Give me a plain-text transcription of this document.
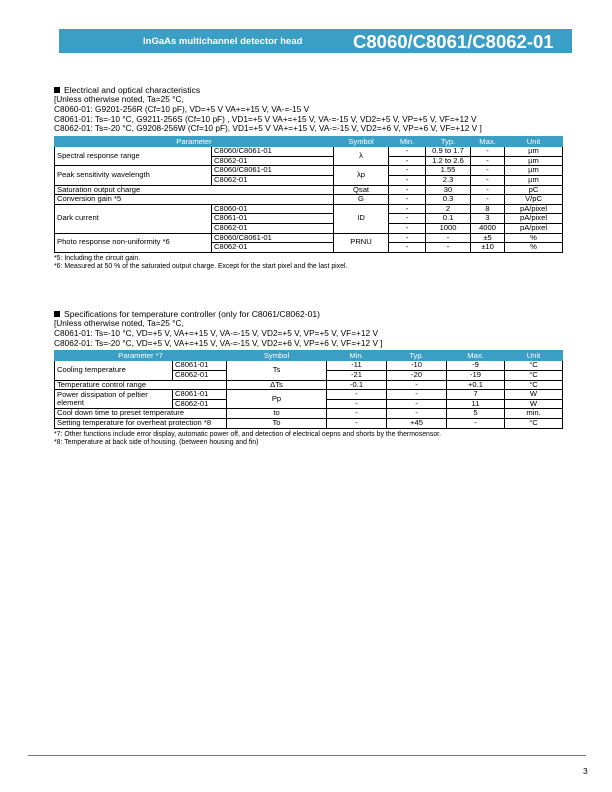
InGaAs multichannel detector head	C8060/C8061/C8062-01
Electrical and optical characteristics
[Unless otherwise noted, Ta=25 °C,
C8060-01: G9201-256R (Cf=10 pF), VD=+5 V VA+=+15 V, VA-=-15 V
C8061-01: Ts=-10 °C, G9211-256S (Cf=10 pF) , VD1=+5 V VA+=+15 V, VA-=-15 V, VD2=+5 V, VP=+5 V, VF=+12 V
C8062-01: Ts=-20 °C, G9208-256W (Cf=10 pF), VD1=+5 V VA+=+15 V, VA-=-15 V, VD2=+6 V, VP=+6 V, VF=+12 V ]
Parameter		Symbol	Min.	Typ.	Max.	Unit
Spectral response range	C8060/C8061-01	λ	-	0.9 to 1.7	-	µm
	C8062-01		-	1.2 to 2.6	-	µm
Peak sensitivity wavelength	C8060/C8061-01	λp	-	1.55	-	µm
	C8062-01		-	2.3	-	µm
Saturation output charge		Qsat	-	30	-	pC
Conversion gain *5		G	-	0.3	-	V/pC
Dark current	C8060-01	ID	-	2	8	pA/pixel
	C8061-01		-	0.1	3	pA/pixel
	C8062-01		-	1000	4000	pA/pixel
Photo response non-uniformity *6	C8060/C8061-01	PRNU	-	-	±5	%
	C8062-01		-	-	±10	%
*5: Including the circuit gain.
*6: Measured at 50 % of the saturated output charge. Except for the start pixel and the last pixel.
Specifications for temperature controller (only for C8061/C8062-01)
[Unless otherwise noted, Ta=25 °C,
C8061-01: Ts=-10 °C, VD=+5 V, VA+=+15 V, VA-=-15 V, VD2=+5 V, VP=+5 V, VF=+12 V
C8062-01: Ts=-20 °C, VD=+5 V, VA+=+15 V, VA-=-15 V, VD2=+6 V, VP=+6 V, VF=+12 V ]
Parameter *7		Symbol	Min.	Typ.	Max.	Unit
Cooling temperature	C8061-01	Ts	-11	-10	-9	°C
	C8062-01		-21	-20	-19	°C
Temperature control range		ΔTs	-0.1	-	+0.1	°C
Power dissipation of peltier element	C8061-01	Pp	-	-	7	W
	C8062-01		-	-	11	W
Cool down time to preset temperature		to	-	-	5	min.
Setting temperature for overheat protection *8		To	-	+45	-	°C
*7: Other functions include error display, automatic power off, and detection of electrical oepns and shorts by the thermosensor.
*8: Temperature at back side of housing. (between housing and fin)
3
